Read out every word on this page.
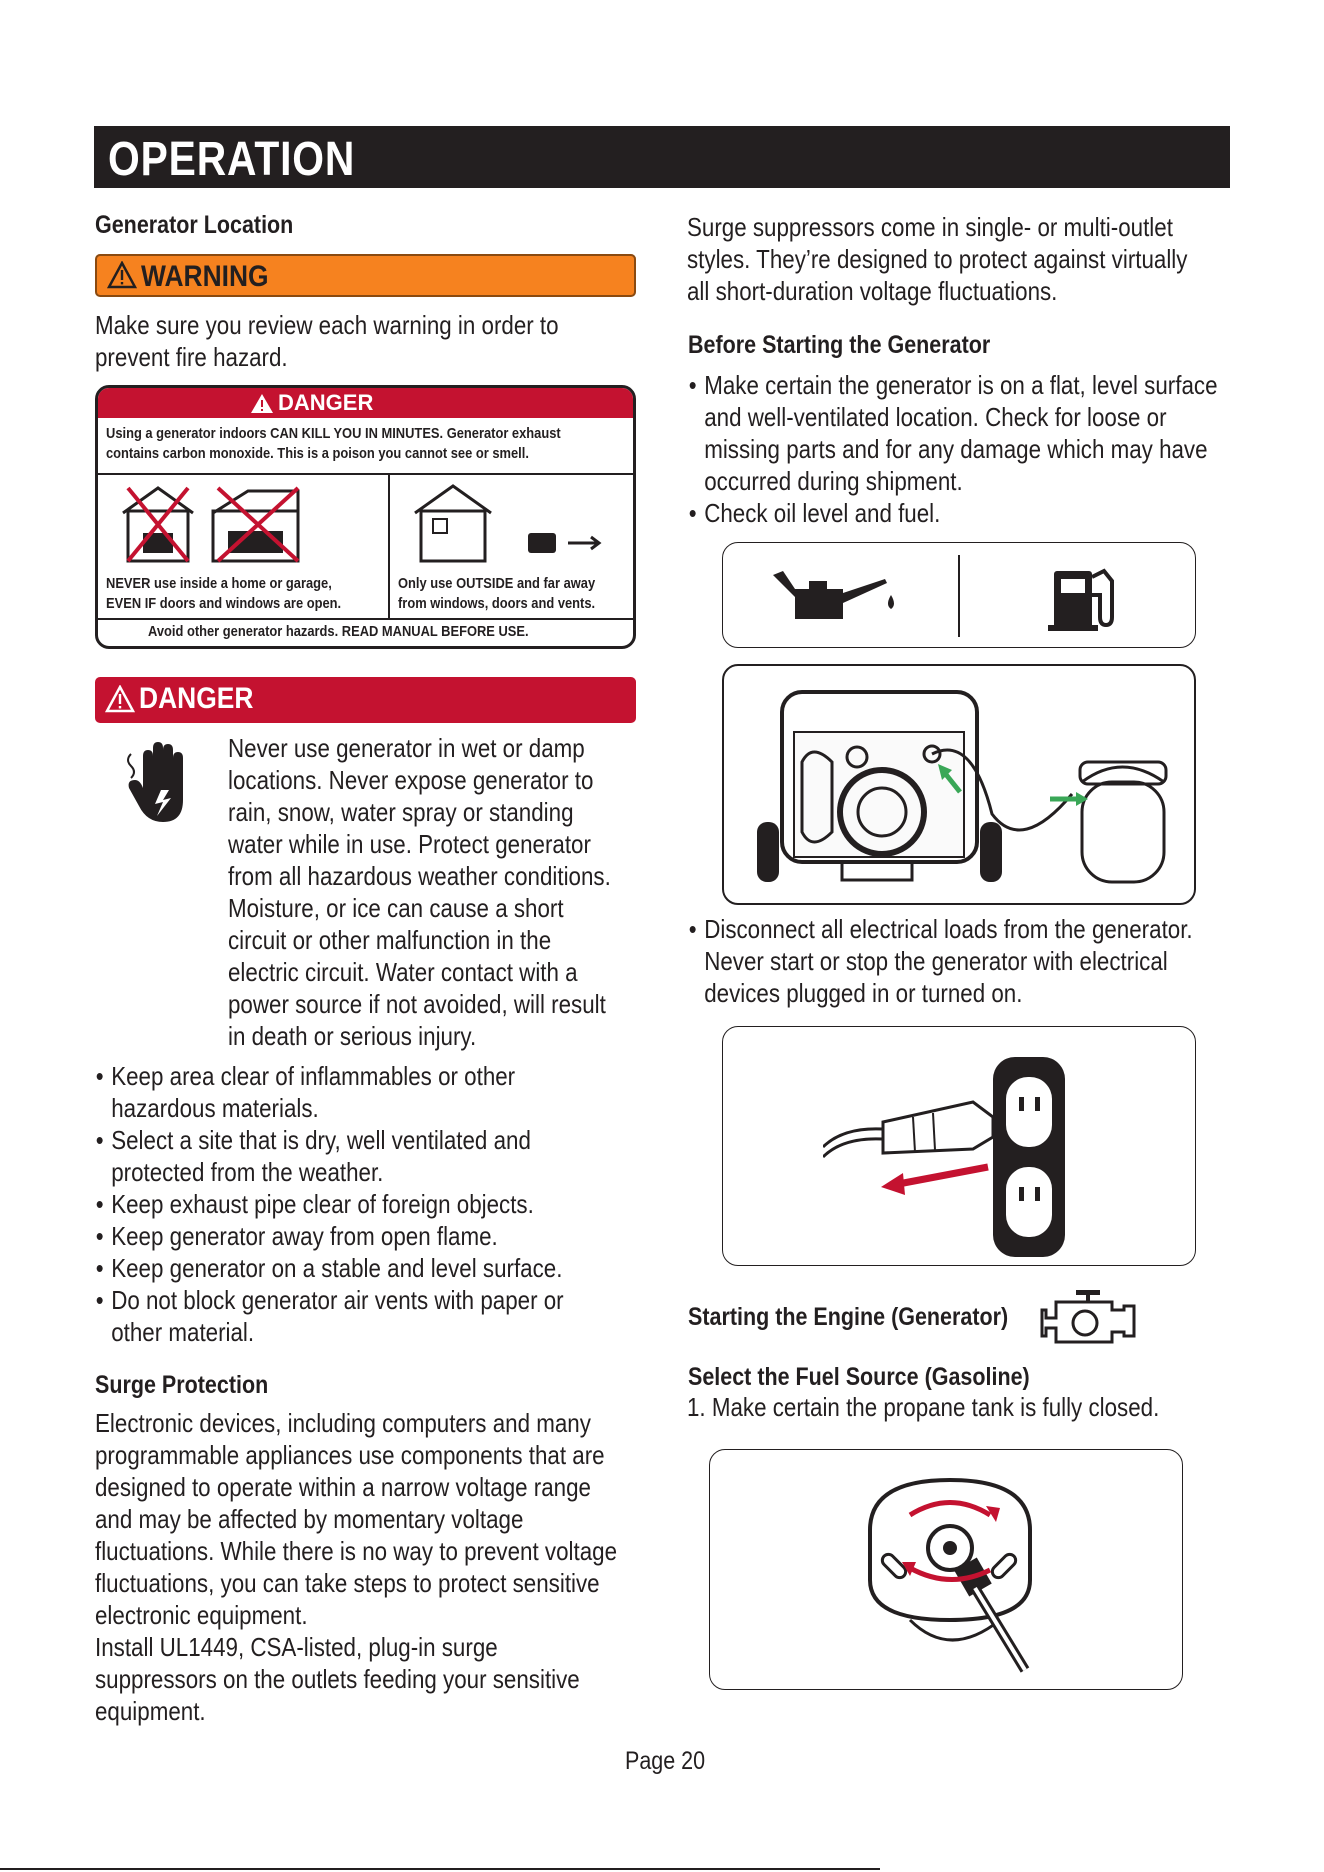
OPERATION
Generator Location
WARNING
Make sure you review each warning in order to
prevent fire hazard.
DANGER
Using a generator indoors CAN KILL YOU IN MINUTES. Generator exhaust
contains carbon monoxide. This is a poison you cannot see or smell.
NEVER use inside a home or garage,
EVEN IF doors and windows are open.
Only use OUTSIDE and far away
from windows, doors and vents.
Avoid other generator hazards. READ MANUAL BEFORE USE.
DANGER
Never use generator in wet or damp
locations. Never expose generator to
rain, snow, water spray or standing
water while in use. Protect generator
from all hazardous weather conditions.
Moisture, or ice can cause a short
circuit or other malfunction in the
electric circuit. Water contact with a
power source if not avoided, will result
in death or serious injury.
• Keep area clear of inflammables or other
hazardous materials.
• Select a site that is dry, well ventilated and
protected from the weather.
• Keep exhaust pipe clear of foreign objects.
• Keep generator away from open flame.
• Keep generator on a stable and level surface.
• Do not block generator air vents with paper or
other material.
Surge Protection
Electronic devices, including computers and many
programmable appliances use components that are
designed to operate within a narrow voltage range
and may be affected by momentary voltage
fluctuations. While there is no way to prevent voltage
fluctuations, you can take steps to protect sensitive
electronic equipment.
Install UL1449, CSA-listed, plug-in surge
suppressors on the outlets feeding your sensitive
equipment.
Surge suppressors come in single- or multi-outlet
styles. They’re designed to protect against virtually
all short-duration voltage fluctuations.
Before Starting the Generator
• Make certain the generator is on a flat, level surface
and well-ventilated location. Check for loose or
missing parts and for any damage which may have
occurred during shipment.
• Check oil level and fuel.
• Disconnect all electrical loads from the generator.
Never start or stop the generator with electrical
devices plugged in or turned on.
Starting the Engine (Generator)
Select the Fuel Source (Gasoline)
1. Make certain the propane tank is fully closed.
Page 20
